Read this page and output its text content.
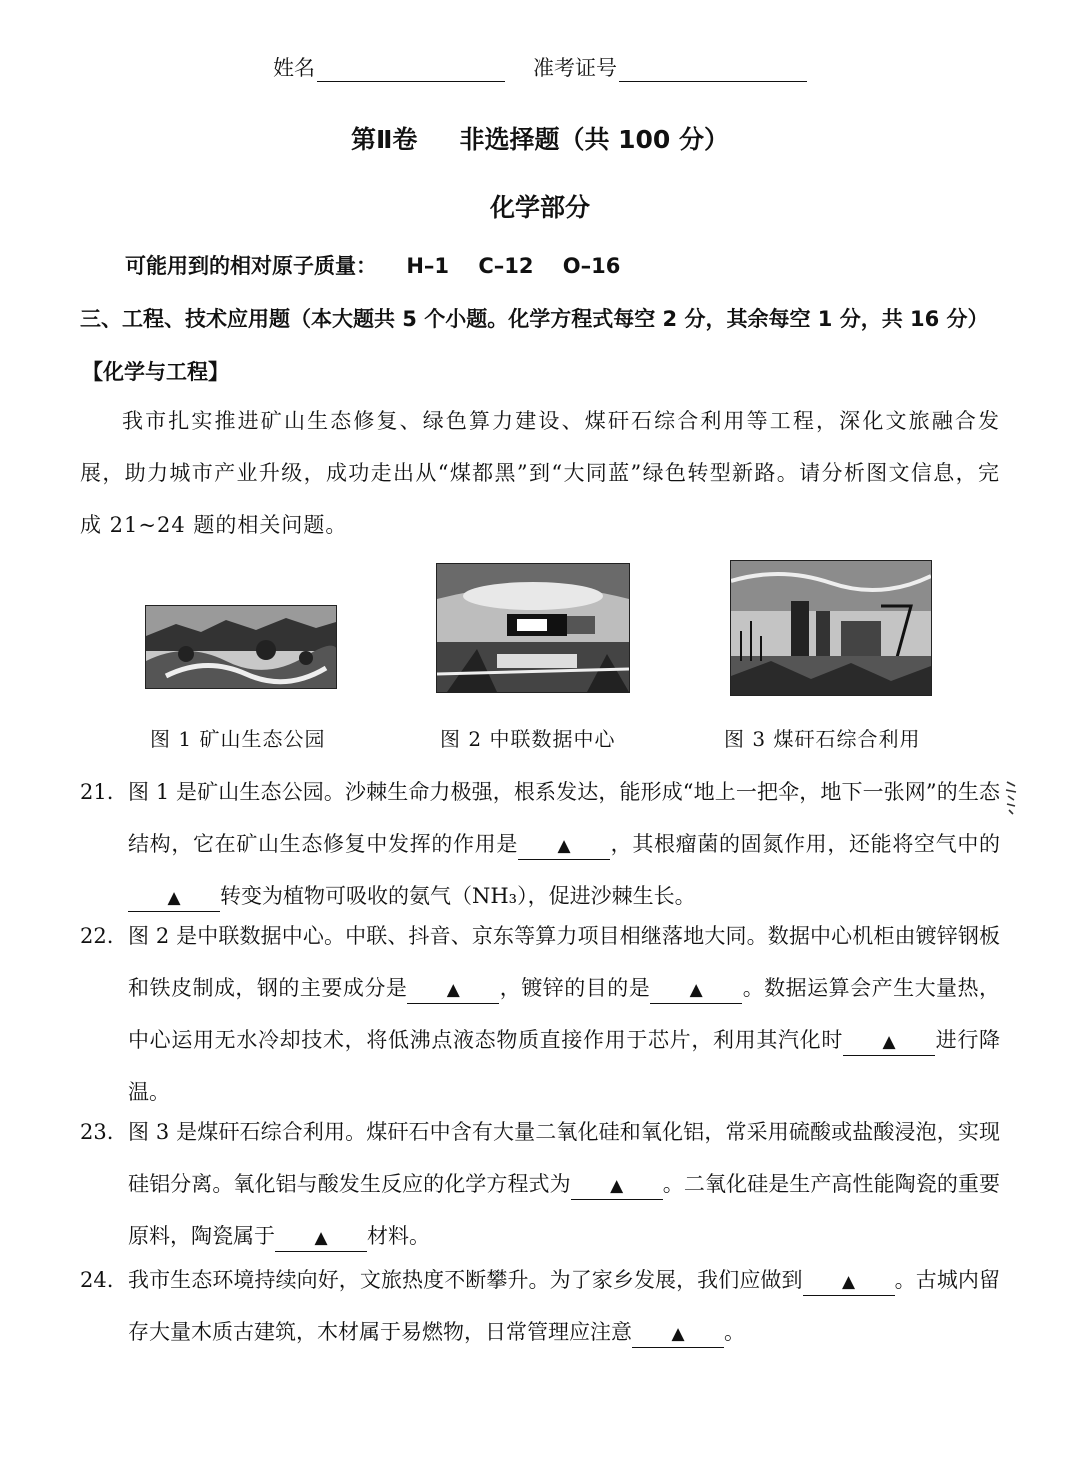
姓名	准考证号
第Ⅱ卷 非选择题（共 100 分）
化学部分
可能用到的相对原子质量： H–1 C–12 O–16
三、工程、技术应用题（本大题共 5 个小题。化学方程式每空 2 分，其余每空 1 分，共 16 分）
【化学与工程】
我市扎实推进矿山生态修复、绿色算力建设、煤矸石综合利用等工程，深化文旅融合发展，助力城市产业升级，成功走出从“煤都黑”到“大同蓝”绿色转型新路。请分析图文信息，完成 21~24 题的相关问题。
图 1 矿山生态公园	图 2 中联数据中心	图 3 煤矸石综合利用
21. 图 1 是矿山生态公园。沙棘生命力极强，根系发达，能形成“地上一把伞，地下一张网”的生态结构，它在矿山生态修复中发挥的作用是 ▲ ，其根瘤菌的固氮作用，还能将空气中的▲ 转变为植物可吸收的氨气（NH₃），促进沙棘生长。
22. 图 2 是中联数据中心。中联、抖音、京东等算力项目相继落地大同。数据中心机柜由镀锌钢板和铁皮制成，钢的主要成分是 ▲ ，镀锌的目的是 ▲ 。数据运算会产生大量热，中心运用无水冷却技术，将低沸点液态物质直接作用于芯片，利用其汽化时 ▲ 进行降温。
23. 图 3 是煤矸石综合利用。煤矸石中含有大量二氧化硅和氧化铝，常采用硫酸或盐酸浸泡，实现硅铝分离。氧化铝与酸发生反应的化学方程式为 ▲ 。二氧化硅是生产高性能陶瓷的重要原料，陶瓷属于 ▲ 材料。
24. 我市生态环境持续向好，文旅热度不断攀升。为了家乡发展，我们应做到 ▲ 。古城内留存大量木质古建筑，木材属于易燃物，日常管理应注意 ▲ 。
